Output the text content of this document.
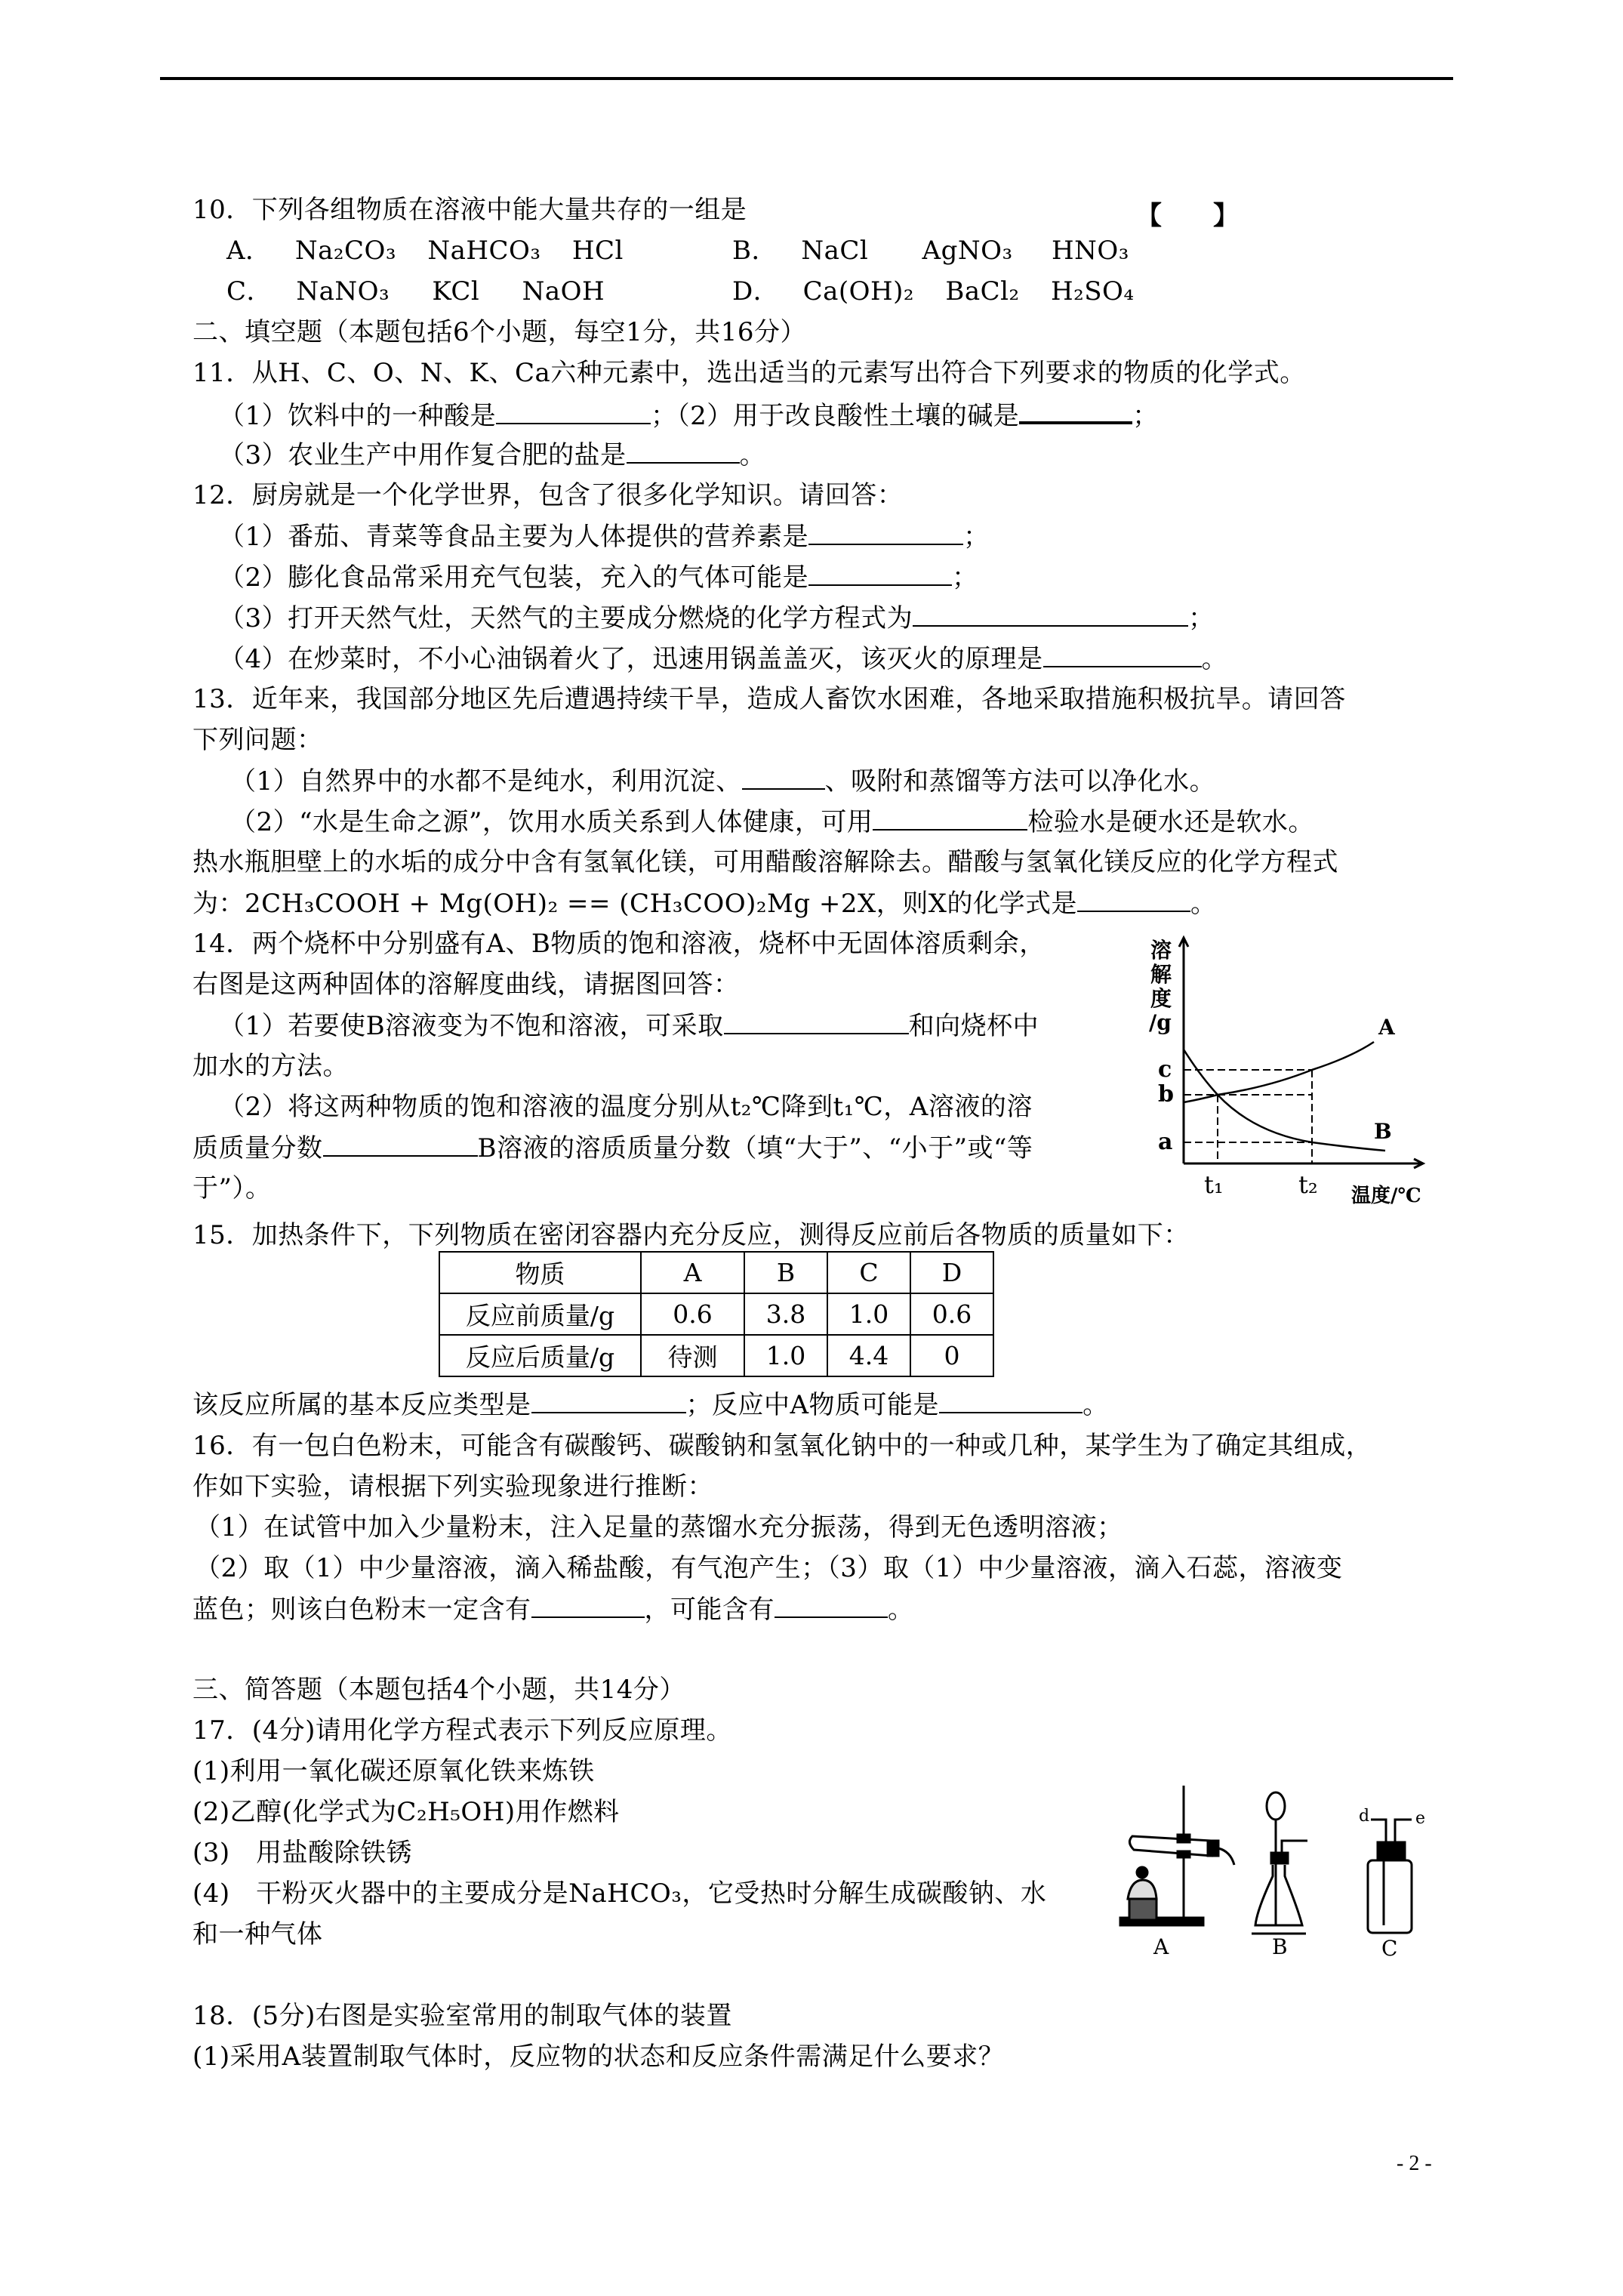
10．下列各组物质在溶液中能大量共存的一组是	【　　】
A． Na₂CO₃ NaHCO₃ HCl	B． NaCl AgNO₃ HNO₃
C． NaNO₃ KCl NaOH	D． Ca(OH)₂ BaCl₂ H₂SO₄
二、填空题（本题包括6个小题，每空1分，共16分）
11．从H、C、O、N、K、Ca六种元素中，选出适当的元素写出符合下列要求的物质的化学式。
（1）饮料中的一种酸是	；（2）用于改良酸性土壤的碱是	；
（3）农业生产中用作复合肥的盐是	。
12．厨房就是一个化学世界，包含了很多化学知识。请回答：
（1）番茄、青菜等食品主要为人体提供的营养素是	；
（2）膨化食品常采用充气包装，充入的气体可能是	；
（3）打开天然气灶，天然气的主要成分燃烧的化学方程式为	；
（4）在炒菜时，不小心油锅着火了，迅速用锅盖盖灭，该灭火的原理是	。
13．近年来，我国部分地区先后遭遇持续干旱，造成人畜饮水困难，各地采取措施积极抗旱。请回答
下列问题：
（1）自然界中的水都不是纯水，利用沉淀、	、吸附和蒸馏等方法可以净化水。
（2）“水是生命之源”，饮用水质关系到人体健康，可用	检验水是硬水还是软水。
热水瓶胆壁上的水垢的成分中含有氢氧化镁，可用醋酸溶解除去。醋酸与氢氧化镁反应的化学方程式
为：2CH₃COOH + Mg(OH)₂ == (CH₃COO)₂Mg +2X，则X的化学式是	。
14．两个烧杯中分别盛有A、B物质的饱和溶液，烧杯中无固体溶质剩余，
右图是这两种固体的溶解度曲线，请据图回答：
（1）若要使B溶液变为不饱和溶液，可采取	和向烧杯中
加水的方法。
（2）将这两种物质的饱和溶液的温度分别从t₂℃降到t₁℃，A溶液的溶
质质量分数	B溶液的溶质质量分数（填“大于”、“小于”或“等
于”）。
溶
解
度
/g
温度/℃
a
b
c
t₁	t₂
A
B
15．加热条件下，下列物质在密闭容器内充分反应，测得反应前后各物质的质量如下：
物质	A	B	C	D
反应前质量/g	0.6	3.8	1.0	0.6
反应后质量/g	待测	1.0	4.4	0
该反应所属的基本反应类型是	；反应中A物质可能是	。
16．有一包白色粉末，可能含有碳酸钙、碳酸钠和氢氧化钠中的一种或几种，某学生为了确定其组成，
作如下实验，请根据下列实验现象进行推断：
（1）在试管中加入少量粉末，注入足量的蒸馏水充分振荡，得到无色透明溶液；
（2）取（1）中少量溶液，滴入稀盐酸，有气泡产生；（3）取（1）中少量溶液，滴入石蕊，溶液变
蓝色；则该白色粉末一定含有	，可能含有	。
三、简答题（本题包括4个小题，共14分）
17．(4分)请用化学方程式表示下列反应原理。
(1)利用一氧化碳还原氧化铁来炼铁
(2)乙醇(化学式为C₂H₅OH)用作燃料
(3)　用盐酸除铁锈
(4)　干粉灭火器中的主要成分是NaHCO₃，它受热时分解生成碳酸钠、水
和一种气体	A	B
d	e
C
18．(5分)右图是实验室常用的制取气体的装置
(1)采用A装置制取气体时，反应物的状态和反应条件需满足什么要求？
- 2 -
